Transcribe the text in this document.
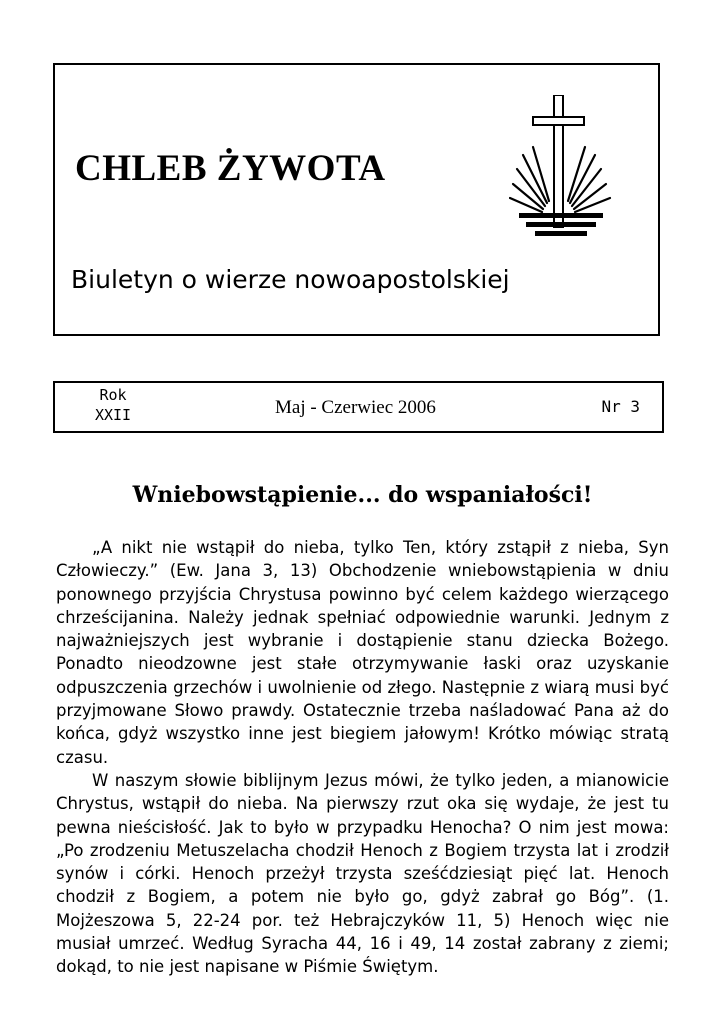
CHLEB ŻYWOTA
Biuletyn o wierze nowoapostolskiej
Rok
XXII	Maj - Czerwiec 2006	Nr 3
Wniebowstąpienie... do wspaniałości!

„A nikt nie wstąpił do nieba, tylko Ten, który zstąpił z nieba, Syn Człowieczy.” (Ew. Jana 3, 13) Obchodzenie wniebowstąpienia w dniu ponownego przyjścia Chrystusa powinno być celem każdego wierzącego chrześcijanina. Należy jednak spełniać odpowiednie warunki. Jednym z najważniejszych jest wybranie i dostąpienie stanu dziecka Bożego. Ponadto nieodzowne jest stałe otrzymywanie łaski oraz uzyskanie odpuszczenia grzechów i uwolnienie od złego. Następnie z wiarą musi być przyjmowane Słowo prawdy. Ostatecznie trzeba naśladować Pana aż do końca, gdyż wszystko inne jest biegiem jałowym! Krótko mówiąc stratą czasu.

W naszym słowie biblijnym Jezus mówi, że tylko jeden, a mianowicie Chrystus, wstąpił do nieba. Na pierwszy rzut oka się wydaje, że jest tu pewna nieścisłość. Jak to było w przypadku Henocha? O nim jest mowa: „Po zrodzeniu Metuszelacha chodził Henoch z Bogiem trzysta lat i zrodził synów i córki. Henoch przeżył trzysta sześćdziesiąt pięć lat. Henoch chodził z Bogiem, a potem nie było go, gdyż zabrał go Bóg”. (1. Mojżeszowa 5, 22-24 por. też Hebrajczyków 11, 5) Henoch więc nie musiał umrzeć. Według Syracha 44, 16 i 49, 14 został zabrany z ziemi; dokąd, to nie jest napisane w Piśmie Świętym.
